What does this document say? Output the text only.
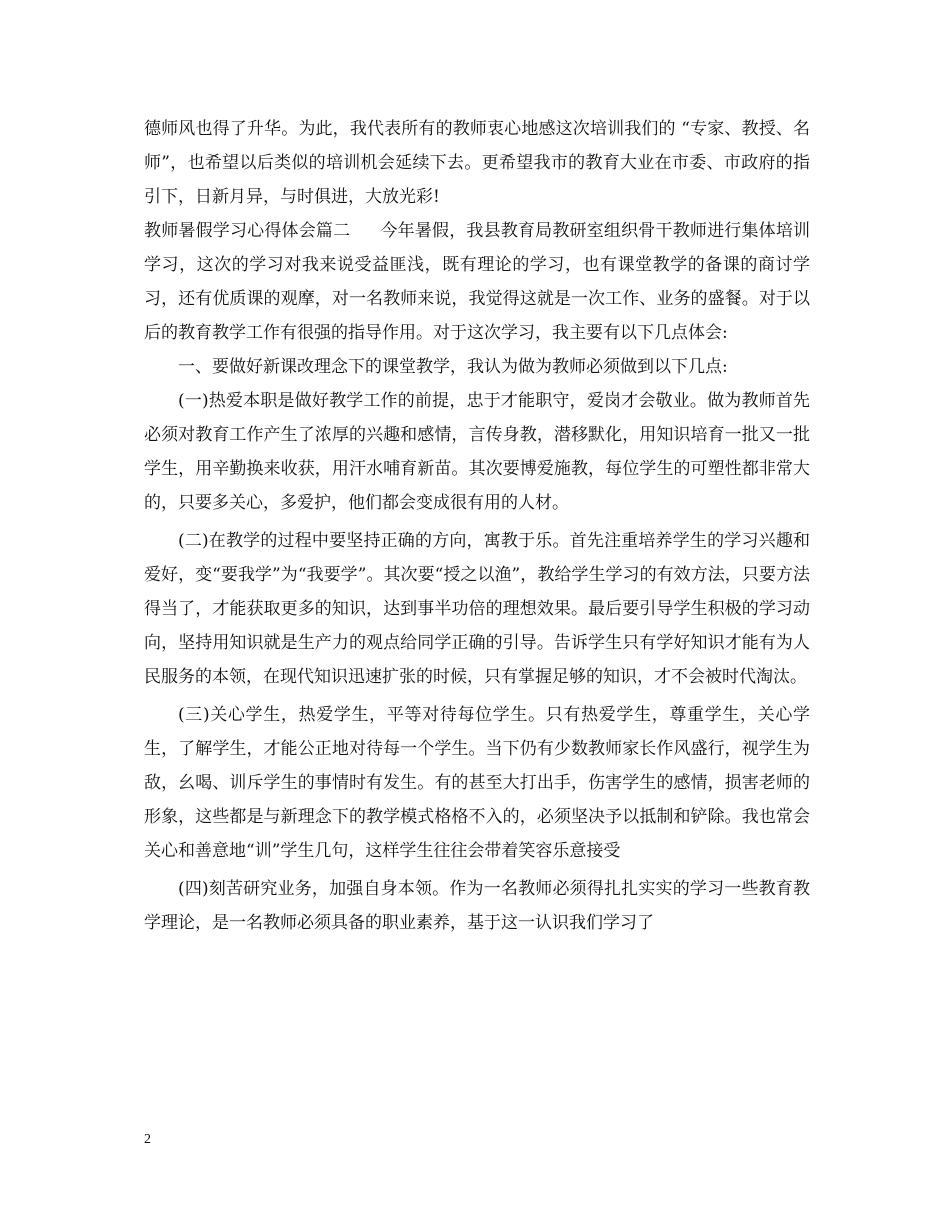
德师风也得了升华。为此，我代表所有的教师衷心地感这次培训我们的 “专家、教授、名师”，也希望以后类似的培训机会延续下去。更希望我市的教育大业在市委、市政府的指引下，日新月异，与时俱进，大放光彩!

教师暑假学习心得体会篇二 今年暑假，我县教育局教研室组织骨干教师进行集体培训学习，这次的学习对我来说受益匪浅，既有理论的学习，也有课堂教学的备课的商讨学习，还有优质课的观摩，对一名教师来说，我觉得这就是一次工作、业务的盛餐。对于以后的教育教学工作有很强的指导作用。对于这次学习，我主要有以下几点体会:

一、要做好新课改理念下的课堂教学，我认为做为教师必须做到以下几点:

(一)热爱本职是做好教学工作的前提，忠于才能职守，爱岗才会敬业。做为教师首先必须对教育工作产生了浓厚的兴趣和感情，言传身教，潜移默化，用知识培育一批又一批学生，用辛勤换来收获，用汗水哺育新苗。其次要博爱施教，每位学生的可塑性都非常大的，只要多关心，多爱护，他们都会变成很有用的人材。

(二)在教学的过程中要坚持正确的方向，寓教于乐。首先注重培养学生的学习兴趣和爱好，变“要我学”为“我要学”。其次要“授之以渔”，教给学生学习的有效方法，只要方法得当了，才能获取更多的知识，达到事半功倍的理想效果。最后要引导学生积极的学习动向，坚持用知识就是生产力的观点给同学正确的引导。告诉学生只有学好知识才能有为人民服务的本领，在现代知识迅速扩张的时候，只有掌握足够的知识，才不会被时代淘汰。

(三)关心学生，热爱学生，平等对待每位学生。只有热爱学生，尊重学生，关心学生，了解学生，才能公正地对待每一个学生。当下仍有少数教师家长作风盛行，视学生为敌，幺喝、训斥学生的事情时有发生。有的甚至大打出手，伤害学生的感情，损害老师的形象，这些都是与新理念下的教学模式格格不入的，必须坚决予以抵制和铲除。我也常会关心和善意地“训”学生几句，这样学生往往会带着笑容乐意接受

(四)刻苦研究业务，加强自身本领。作为一名教师必须得扎扎实实的学习一些教育教学理论，是一名教师必须具备的职业素养，基于这一认识我们学习了

2
